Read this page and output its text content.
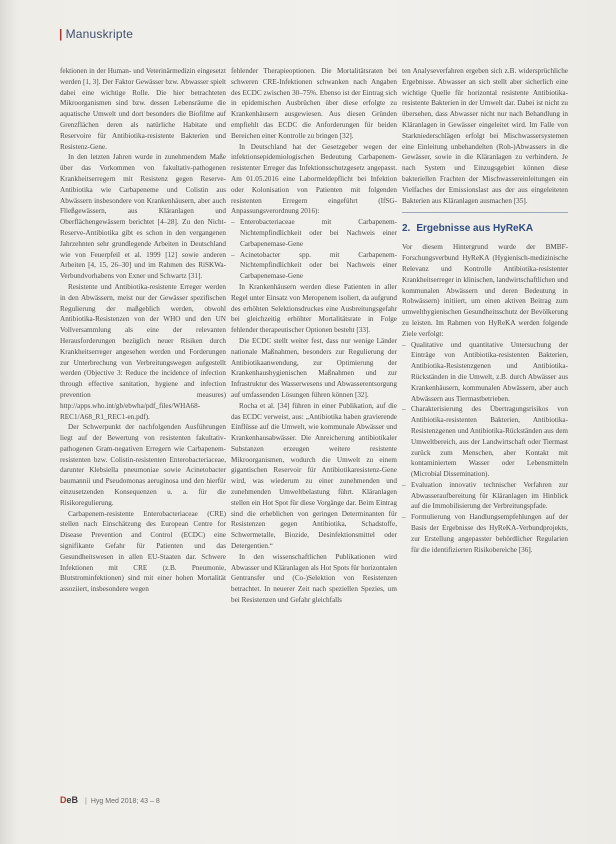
| Manuskripte

fektionen in der Human- und Veterinärmedizin eingesetzt werden [1, 3]. Der Faktor Gewässer bzw. Abwasser spielt dabei eine wichtige Rolle. Die hier betrachteten Mikroorganismen sind bzw. dessen Lebensräume die aquatische Umwelt und dort besonders die Biofilme auf Grenzflächen deren als natürliche Habitate und Reservoire für Antibiotika-resistente Bakterien und Resistenz-Gene.

In den letzten Jahren wurde in zunehmendem Maße über das Vorkommen von fakultativ-pathogenen Krankheitserregern mit Resistenz gegen Reserve-Antibiotika wie Carbapeneme und Colistin aus Abwässern insbesondere von Krankenhäusern, aber auch Fließgewässern, aus Kläranlagen und Oberflächengewässern berichtet [4–28]. Zu den Nicht-Reserve-Antibiotika gibt es schon in den vergangenen Jahrzehnten sehr grundlegende Arbeiten in Deutschland wie von Feuerpfeil et al. 1999 [12] sowie anderen Arbeiten [4, 15, 26–30] und im Rahmen des RiSKWa-Verbundvorhabens von Exner und Schwartz [31].

Resistente und Antibiotika-resistente Erreger werden in den Abwässern, meist nur der Gewässer spezifischen Regulierung der maßgeblich werden, obwohl Antibiotika-Resistenzen von der WHO und den UN Vollversammlung als eine der relevanten Herausforderungen bezüglich neuer Risiken durch Krankheitserreger angesehen werden und Forderungen zur Unterbrechung von Verbreitungswegen aufgestellt werden (Objective 3: Reduce the incidence of infection through effective sanitation, hygiene and infection prevention measures) http://apps.who.int/gb/ebwha/pdf_files/WHA68-REC1/A68_R1_REC1-en.pdf).

Der Schwerpunkt der nachfolgenden Ausführungen liegt auf der Bewertung von resistenten fakultativ-pathogenen Gram-negativen Erregern wie Carbapenem-resistenten bzw. Colistin-resistenten Enterobacteriaceae, darunter Klebsiella pneumoniae sowie Acinetobacter baumannii und Pseudomonas aeruginosa und den hierfür einzusetzenden Konsequenzen u. a. für die Risikoregulierung.

Carbapenem-resistente Enterobacteriaceae (CRE) stellen nach Einschätzung des European Centre for Disease Prevention and Control (ECDC) eine signifikante Gefahr für Patienten und das Gesundheitswesen in allen EU-Staaten dar. Schwere Infektionen mit CRE (z.B. Pneumonie, Blutstrominfektionen) sind mit einer hohen Mortalität assoziiert, insbesondere wegen

fehlender Therapieoptionen. Die Mortalitätsraten bei schweren CRE-Infektionen schwanken nach Angaben des ECDC zwischen 30–75%. Ebenso ist der Eintrag sich in epidemischen Ausbrüchen über diese erfolgte zu Krankenhäusern ausgewiesen. Aus diesen Gründen empfiehlt das ECDC die Anforderungen für beiden Bereichen einer Kontrolle zu bringen [32].

In Deutschland hat der Gesetzgeber wegen der infektionsepidemiologischen Bedeutung Carbapenem-resistenter Erreger das Infektionsschutzgesetz angepasst. Am 01.05.2016 eine Labormeldepflicht bei Infektion oder Kolonisation von Patienten mit folgenden resistenten Erregern eingeführt (IfSG-Anpassungsverordnung 2016):

– Enterobacteriaceae mit Carbapenem-Nichtempfindlichkeit oder bei Nachweis einer Carbapenemase-Gene

– Acinetobacter spp. mit Carbapenem-Nichtempfindlichkeit oder bei Nachweis einer Carbapenemase-Gene

In Krankenhäusern werden diese Patienten in aller Regel unter Einsatz von Meropenem isoliert, da aufgrund des erhöhten Selektionsdruckes eine Ausbreitungsgefahr bei gleichzeitig erhöhter Mortalitätsrate in Folge fehlender therapeutischer Optionen besteht [33].

Die ECDC stellt weiter fest, dass nur wenige Länder nationale Maßnahmen, besonders zur Regulierung der Antibiotikaanwendung, zur Optimierung der Krankenhaushygienischen Maßnahmen und zur Infrastruktur des Wasserwesens und Abwasserentsorgung auf umfassenden Lösungen führen können [32].

Rocha et al. [34] führen in einer Publikation, auf die das ECDC verweist, aus: „Antibiotika haben gravierende Einflüsse auf die Umwelt, wie kommunale Abwässer und Krankenhausabwässer. Die Anreicherung antibiotikaler Substanzen erzeugen weitere resistente Mikroorganismen, wodurch die Umwelt zu einem gigantischen Reservoir für Antibiotikaresistenz-Gene wird, was wiederum zu einer zunehmenden und zunehmenden Umweltbelastung führt. Kläranlagen stellen ein Hot Spot für diese Vorgänge dar. Beim Eintrag sind die erheblichen von geringen Determinanten für Resistenzen gegen Antibiotika, Schadstoffe, Schwermetalle, Biozide, Desinfektionsmittel oder Detergentien.“

In den wissenschaftlichen Publikationen wird Abwasser und Kläranlagen als Hot Spots für horizontalen Gentransfer und (Co-)Selektion von Resistenzen betrachtet. In neuerer Zeit nach speziellen Spezies, um bei Resistenzen und Gefahr gleichfalls

ten Analyseverfahren ergeben sich z.B. widersprüchliche Ergebnisse. Abwasser an sich stellt aber sicherlich eine wichtige Quelle für horizontal resistente Antibiotika-resistente Bakterien in der Umwelt dar. Dabei ist nicht zu übersehen, dass Abwasser nicht nur nach Behandlung in Kläranlagen in Gewässer eingeleitet wird. Im Falle von Starkniederschlägen erfolgt bei Mischwassersystemen eine Einleitung unbehandelten (Roh-)Abwassers in die Gewässer, sowie in die Kläranlagen zu verhindern. Je nach System und Einzugsgebiet können diese bakteriellen Frachten der Mischwassereinleitungen ein Vielfaches der Emissionslast aus der aus eingeleiteten Bakterien aus Kläranlagen ausmachen [35].

2. Ergebnisse aus HyReKA

Vor diesem Hintergrund wurde der BMBF-Forschungsverbund HyReKA (Hygienisch-medizinische Relevanz und Kontrolle Antibiotika-resistenter Krankheitserreger in klinischen, landwirtschaftlichen und kommunalen Abwässern und deren Bedeutung in Rohwässern) initiiert, um einen aktiven Beitrag zum umwelthygienischen Gesundheitsschutz der Bevölkerung zu leisten. Im Rahmen von HyReKA werden folgende Ziele verfolgt:

– Qualitative und quantitative Untersuchung der Einträge von Antibiotika-resistenten Bakterien, Antibiotika-Resistenzgenen und Antibiotika-Rückständen in die Umwelt, z.B. durch Abwässer aus Krankenhäusern, kommunalen Abwässern, aber auch Abwässern aus Tiermastbetrieben.

– Charakterisierung des Übertragungsrisikos von Antibiotika-resistenten Bakterien, Antibiotika-Resistenzgenen und Antibiotika-Rückständen aus dem Umweltbereich, aus der Landwirtschaft oder Tiermast zurück zum Menschen, aber Kontakt mit kontaminiertem Wasser oder Lebensmitteln (Microbial Dissemination).

– Evaluation innovativ technischer Verfahren zur Abwasseraufbereitung für Kläranlagen im Hinblick auf die Immobilisierung der Verbreitungspfade.

– Formulierung von Handlungsempfehlungen auf der Basis der Ergebnisse des HyReKA-Verbundprojekts, zur Erstellung angepasster behördlicher Regularien für die identifizierten Risikobereiche [36].

DeB | Hyg Med 2018; 43 – 8
